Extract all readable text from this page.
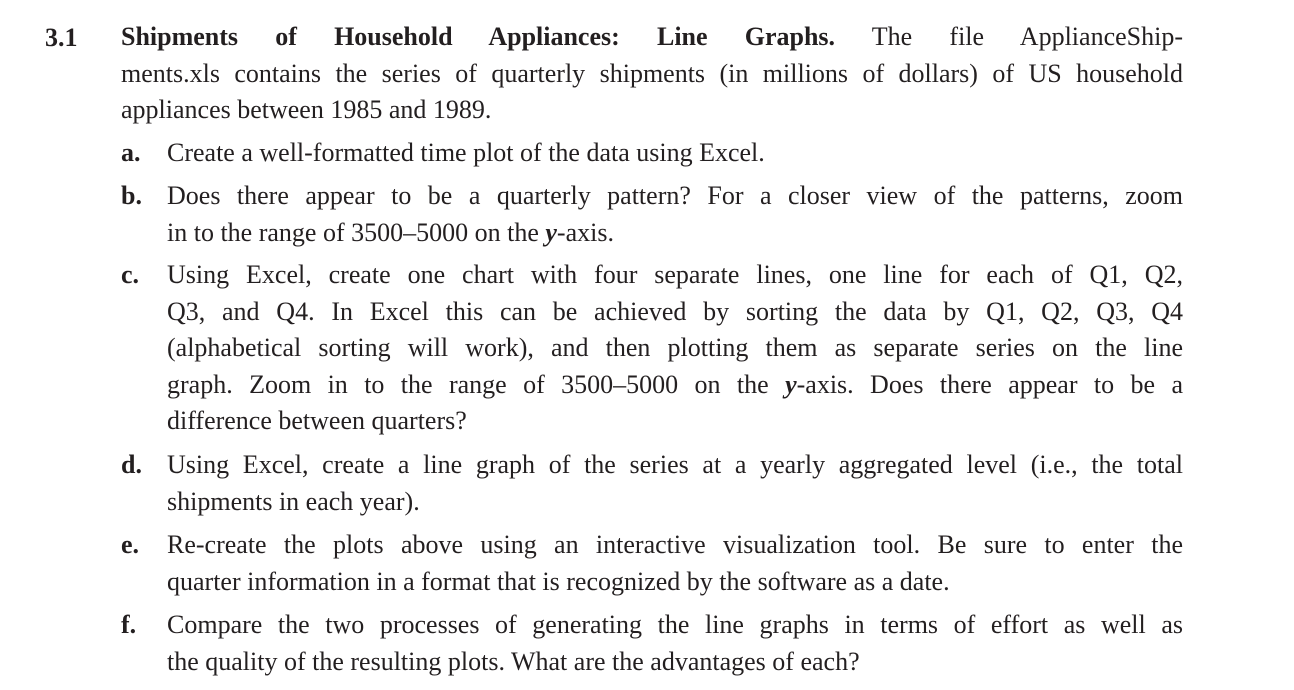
3.1 Shipments of Household Appliances: Line Graphs. The file ApplianceShip-
ments.xls contains the series of quarterly shipments (in millions of dollars) of US household
appliances between 1985 and 1989.
a. Create a well-formatted time plot of the data using Excel.
b. Does there appear to be a quarterly pattern? For a closer view of the patterns, zoom
in to the range of 3500–5000 on the y-axis.
c. Using Excel, create one chart with four separate lines, one line for each of Q1, Q2,
Q3, and Q4. In Excel this can be achieved by sorting the data by Q1, Q2, Q3, Q4
(alphabetical sorting will work), and then plotting them as separate series on the line
graph. Zoom in to the range of 3500–5000 on the y-axis. Does there appear to be a
difference between quarters?
d. Using Excel, create a line graph of the series at a yearly aggregated level (i.e., the total
shipments in each year).
e. Re-create the plots above using an interactive visualization tool. Be sure to enter the
quarter information in a format that is recognized by the software as a date.
f. Compare the two processes of generating the line graphs in terms of effort as well as
the quality of the resulting plots. What are the advantages of each?
